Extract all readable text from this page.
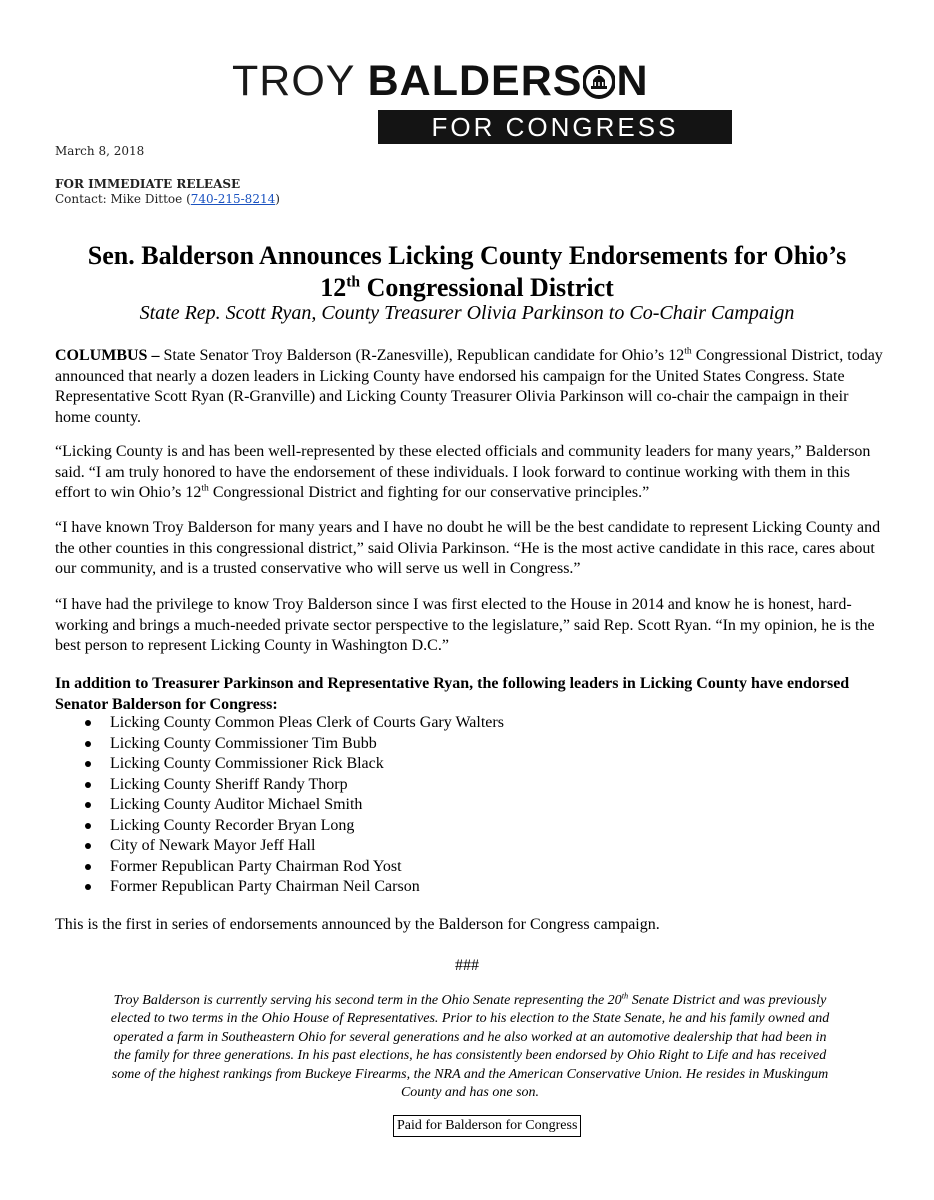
TROY BALDERS N
FOR CONGRESS
March 8, 2018
FOR IMMEDIATE RELEASE
Contact: Mike Dittoe (740-215-8214)
Sen. Balderson Announces Licking County Endorsements for Ohio’s
12th Congressional District
State Rep. Scott Ryan, County Treasurer Olivia Parkinson to Co-Chair Campaign
COLUMBUS – State Senator Troy Balderson (R-Zanesville), Republican candidate for Ohio’s 12th Congressional District, today announced that nearly a dozen leaders in Licking County have endorsed his campaign for the United States Congress. State Representative Scott Ryan (R-Granville) and Licking County Treasurer Olivia Parkinson will co-chair the campaign in their home county.
“Licking County is and has been well-represented by these elected officials and community leaders for many years,” Balderson said. “I am truly honored to have the endorsement of these individuals. I look forward to continue working with them in this effort to win Ohio’s 12th Congressional District and fighting for our conservative principles.”
“I have known Troy Balderson for many years and I have no doubt he will be the best candidate to represent Licking County and the other counties in this congressional district,” said Olivia Parkinson. “He is the most active candidate in this race, cares about our community, and is a trusted conservative who will serve us well in Congress.”
“I have had the privilege to know Troy Balderson since I was first elected to the House in 2014 and know he is honest, hard-working and brings a much-needed private sector perspective to the legislature,” said Rep. Scott Ryan. “In my opinion, he is the best person to represent Licking County in Washington D.C.”
In addition to Treasurer Parkinson and Representative Ryan, the following leaders in Licking County have endorsed Senator Balderson for Congress:
Licking County Common Pleas Clerk of Courts Gary Walters
Licking County Commissioner Tim Bubb
Licking County Commissioner Rick Black
Licking County Sheriff Randy Thorp
Licking County Auditor Michael Smith
Licking County Recorder Bryan Long
City of Newark Mayor Jeff Hall
Former Republican Party Chairman Rod Yost
Former Republican Party Chairman Neil Carson
This is the first in series of endorsements announced by the Balderson for Congress campaign.
###
Troy Balderson is currently serving his second term in the Ohio Senate representing the 20th Senate District and was previously elected to two terms in the Ohio House of Representatives. Prior to his election to the State Senate, he and his family owned and operated a farm in Southeastern Ohio for several generations and he also worked at an automotive dealership that had been in the family for three generations. In his past elections, he has consistently been endorsed by Ohio Right to Life and has received some of the highest rankings from Buckeye Firearms, the NRA and the American Conservative Union. He resides in Muskingum County and has one son.
Paid for Balderson for Congress
